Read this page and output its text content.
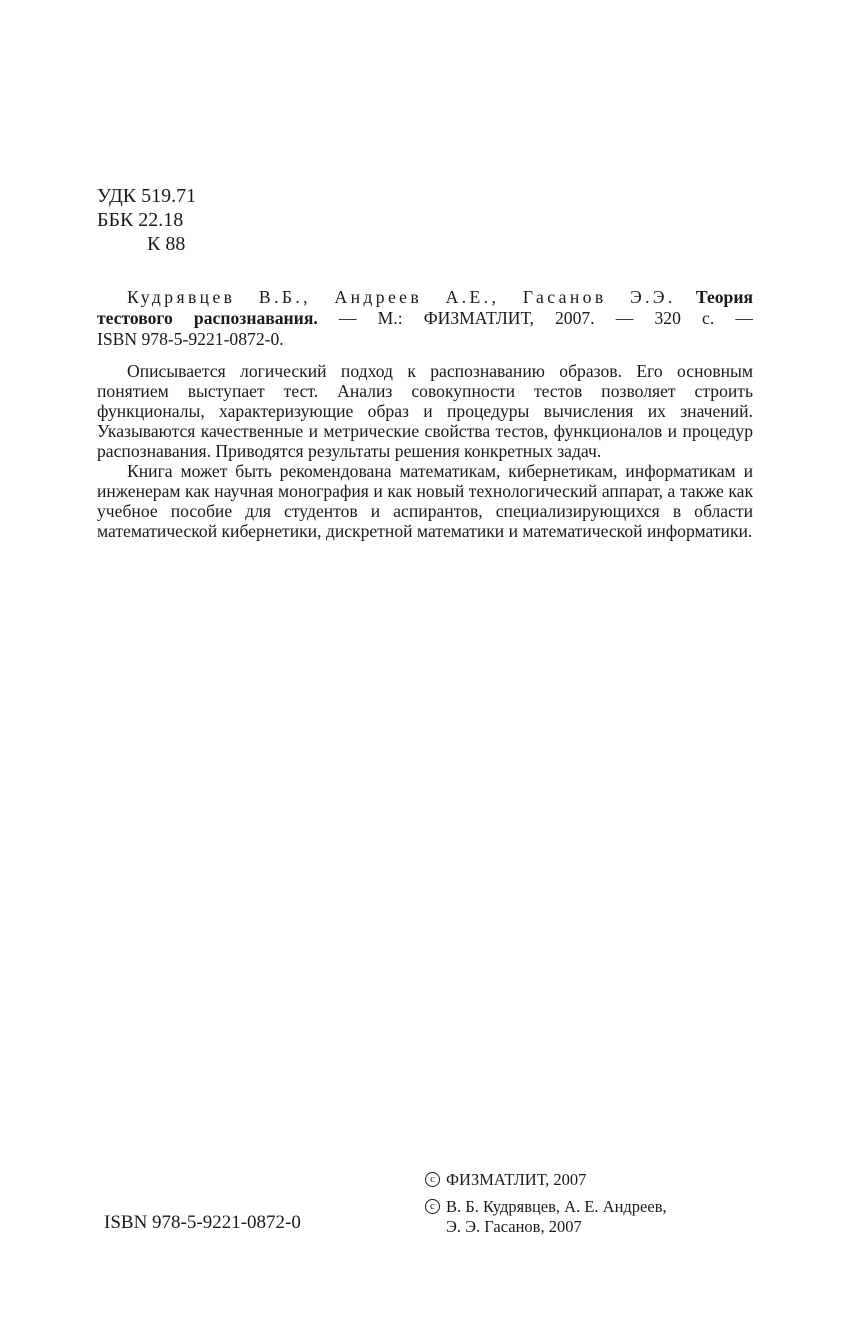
УДК 519.71
ББК 22.18
К 88
Кудрявцев В.Б., Андреев А.Е., Гасанов Э.Э. Теория
тестового распознавания. — М.: ФИЗМАТЛИТ, 2007. — 320 с. —
ISBN 978-5-9221-0872-0.

Описывается логический подход к распознаванию образов. Его основным понятием выступает тест. Анализ совокупности тестов позволяет строить функционалы, характеризующие образ и процедуры вычисления их значений. Указываются качественные и метрические свойства тестов, функционалов и процедур распознавания. Приводятся результаты решения конкретных задач.

Книга может быть рекомендована математикам, кибернетикам, информатикам и инженерам как научная монография и как новый технологический аппарат, а также как учебное пособие для студентов и аспирантов, специализирующихся в области математической кибернетики, дискретной математики и математической информатики.

ISBN 978-5-9221-0872-0
c ФИЗМАТЛИТ, 2007
c В. Б. Кудрявцев, А. Е. Андреев,
Э. Э. Гасанов, 2007
